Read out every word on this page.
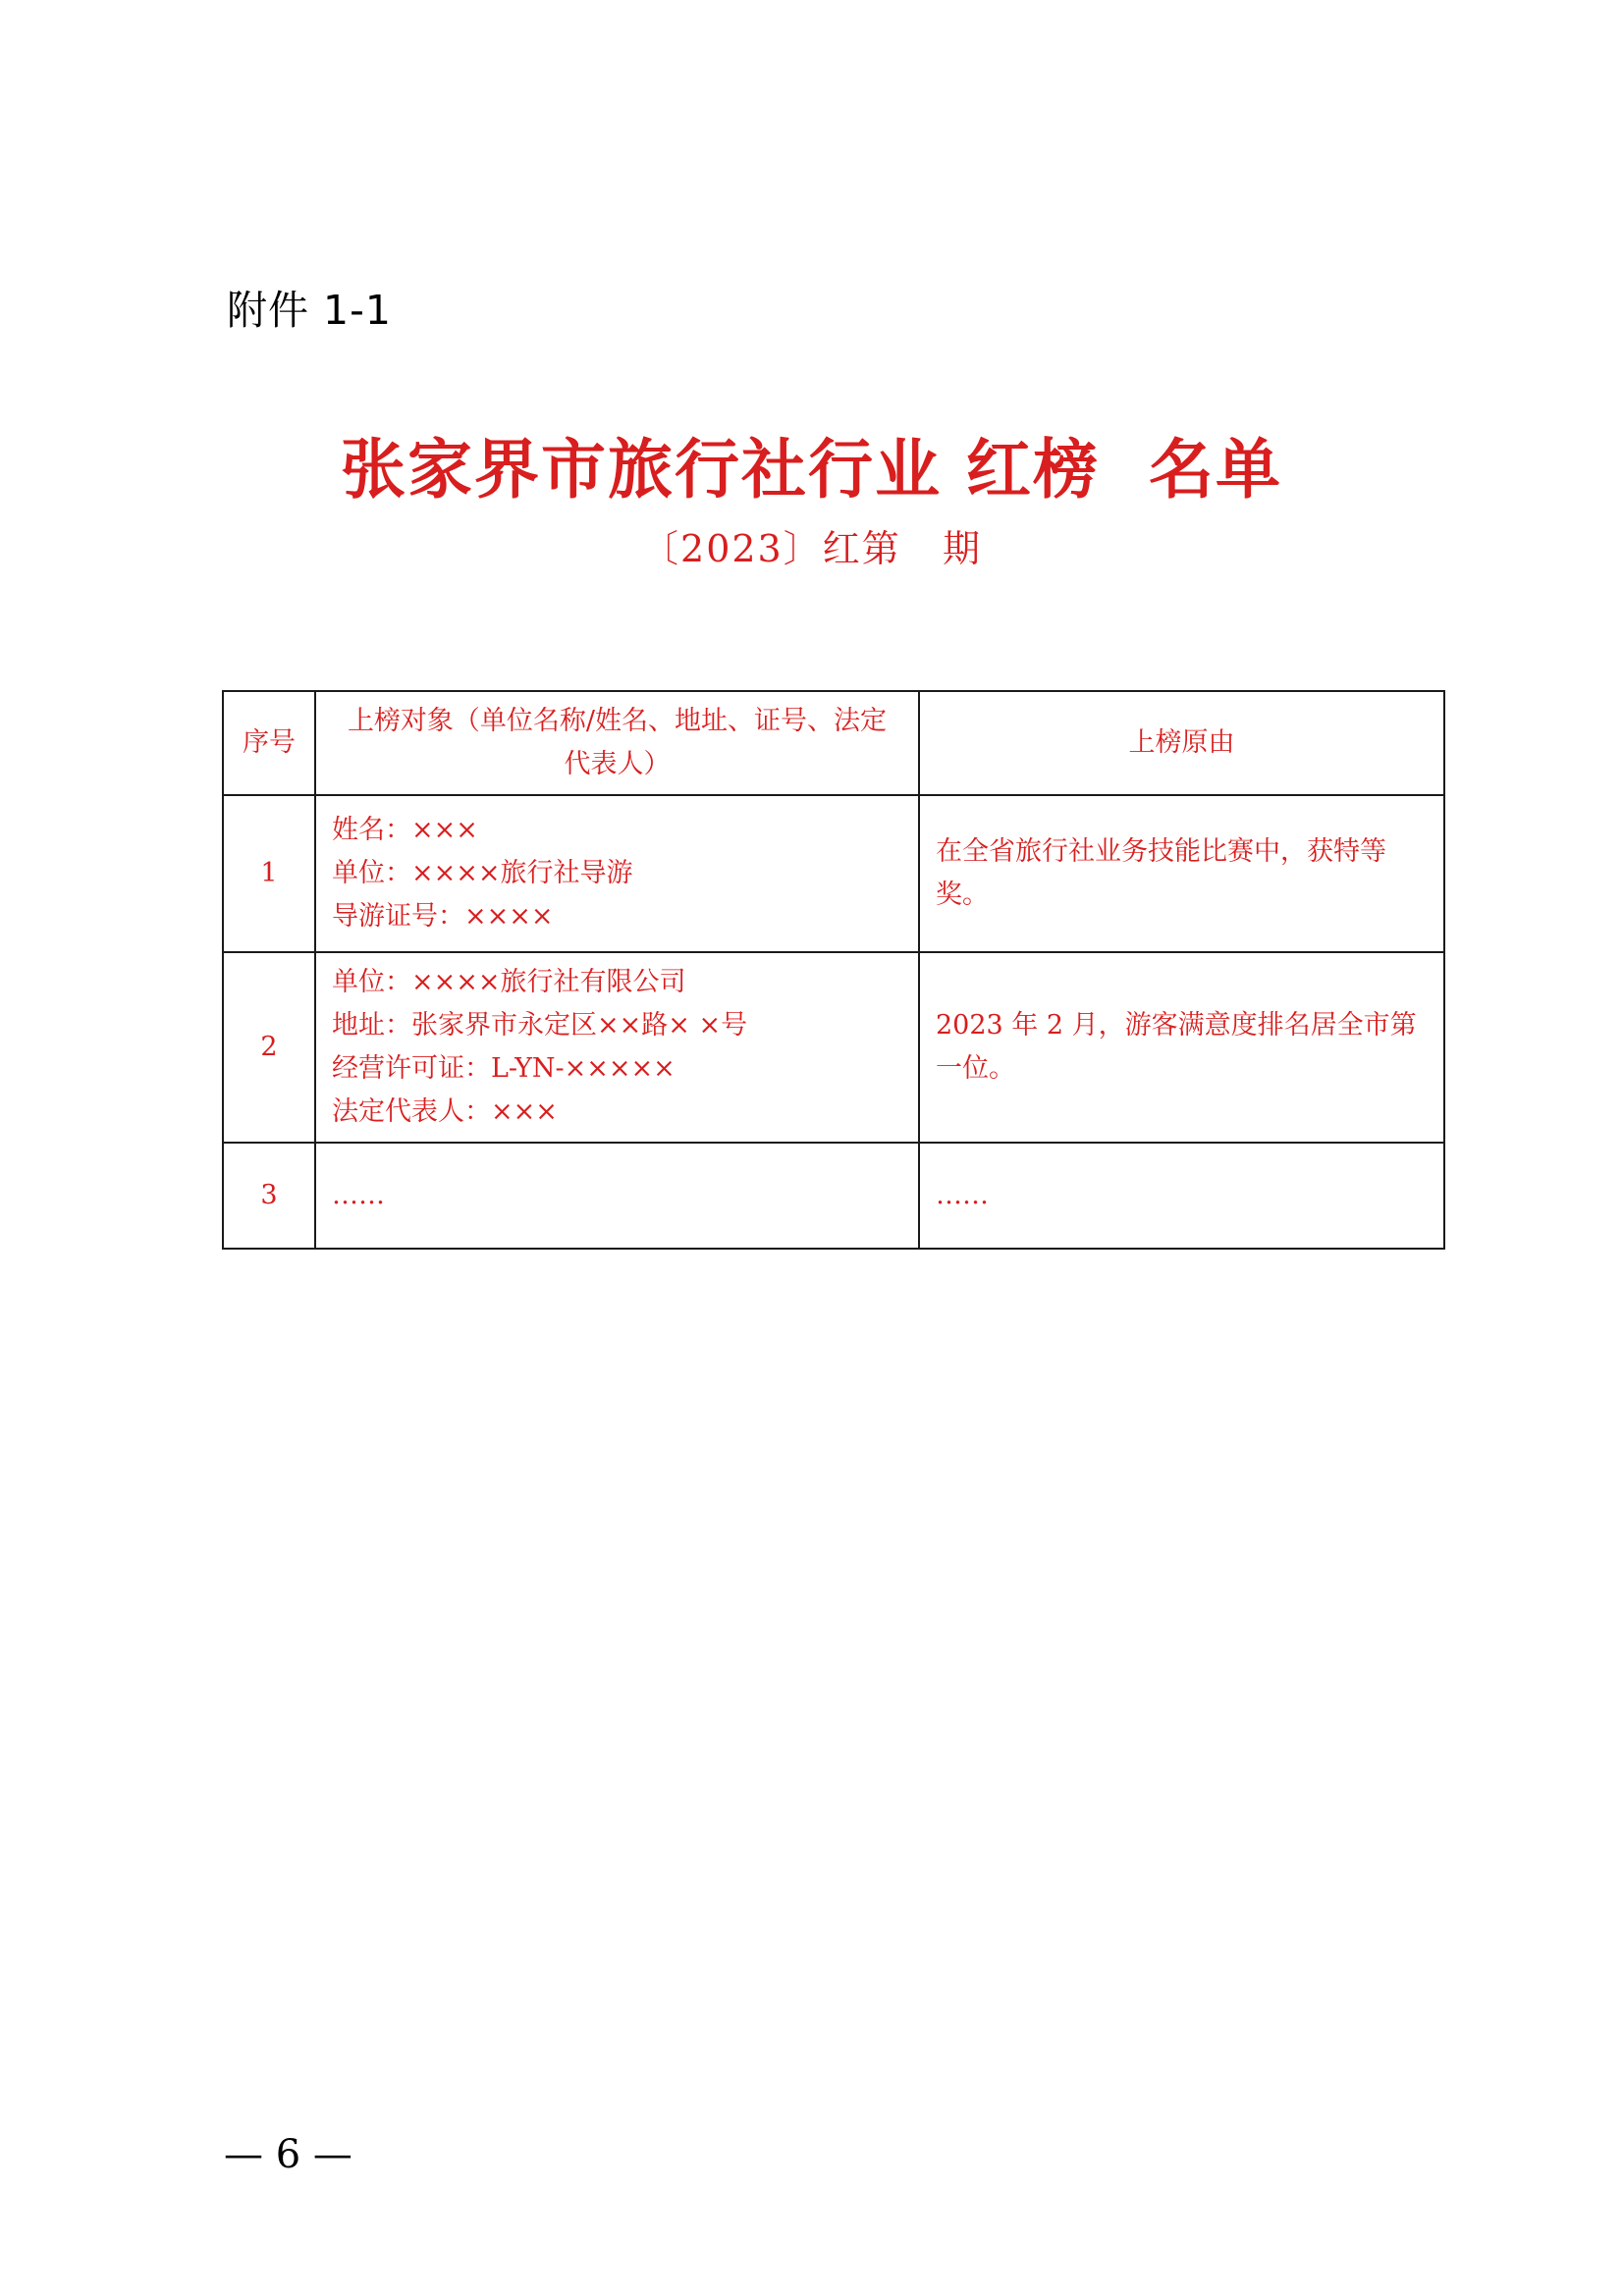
附件 1-1
张家界市旅行社行业 红榜  名单
〔2023〕红第   期
序号	上榜对象（单位名称/姓名、地址、证号、法定代表人）	上榜原由
1	姓名：×××
单位：××××旅行社导游
导游证号：××××	在全省旅行社业务技能比赛中，获特等奖。
2	单位：××××旅行社有限公司
地址：张家界市永定区××路× ×号
经营许可证：L-YN-×××××
法定代表人：×××	2023 年 2 月，游客满意度排名居全市第一位。
3	……	……
— 6 —
